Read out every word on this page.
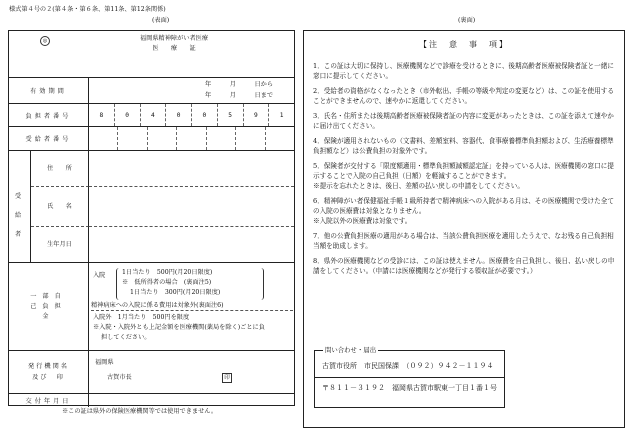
様式第４号の２(第４条・第６条、第11条、第12条関係)
(表面)	(裏面)
◎	福岡県精神障がい者医療
医　　療　　証
有効期間
年　　　月　　　日から
年　　　月　　　日まで
負担者番号	8	0	4	0	0	5	9	1
受給者番号
受給者
住　　所
氏　　名
生年月日
一部自己負担金
入院	1日当たり　500円(月20日限度)
※　低所得者の場合　(裏面注5)
1日当たり　300円(月20日限度)
精神病床への入院に係る費用は対象外(裏面注6)
入院外　1月当たり　500円を限度
※入院・入院外とも上記金額を医療機関(薬局を除く)ごとに負
担してください。
発行機関名
及び　印
福岡県
古賀市長	印
交付年月日
※この証は県外の保険医療機関等では使用できません。
【注　意　事　項】

1．この証は大切に保持し、医療機関などで診療を受けるときに、後期高齢者医療被保険者証と一緒に窓口に提示してください。

2．受給者の資格がなくなったとき（市外転出、手帳の等級や判定の変更など）は、この証を使用することができませんので、速やかに返還してください。

3．氏名・住所または後期高齢者医療被保険者証の内容に変更があったときは、この証を添えて速やかに届け出てください。

4．保険が適用されないもの（文書料、差額室料、容器代、食事療養標準負担額および、生活療養標準負担額など）は公費負担の対象外です。

5．保険者が交付する「限度額適用・標準負担額減額認定証」を持っている人は、医療機関の窓口に提示することで入院の自己負担（日額）を軽減することができます。

※提示を忘れたときは、後日、差額の払い戻しの申請をしてください。

6．精神障がい者保健福祉手帳１級所持者で精神病床への入院がある月は、その医療機関で受けた全ての入院の医療費は対象となりません。

※入院以外の医療費は対象です。

7．他の公費負担医療の適用がある場合は、当該公費負担医療を適用したうえで、なお残る自己負担相当額を助成します。

8．県外の医療機関などの受診には、この証は使えません。医療費を自己負担し、後日、払い戻しの申請をしてください。（申請には医療機関などが発行する領収証が必要です。）

問い合わせ・届出
古賀市役所　市民国保課　（０９２）９４２－１１９４
〒８１１－３１９２　福岡県古賀市駅東一丁目１番１号
